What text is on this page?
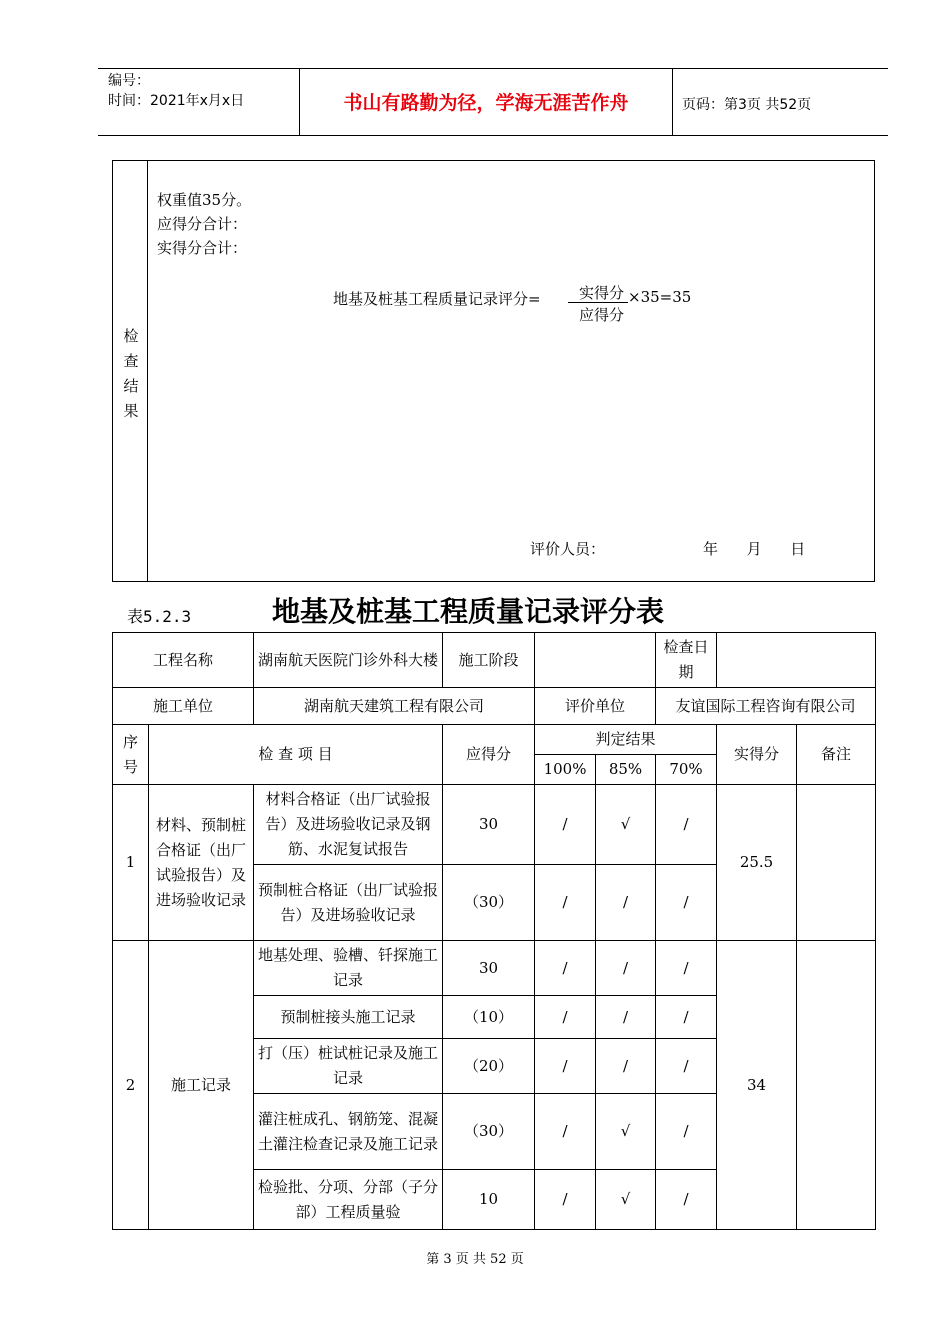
编号：
时间：2021年x月x日	书山有路勤为径，学海无涯苦作舟	页码：第3页 共52页
检
查
结
果
权重值35分。
应得分合计：
实得分合计：
地基及桩基工程质量记录评分=	实得分
应得分
×35=35
评价人员：	年      月      日
表5.2.3	地基及桩基工程质量记录评分表
工程名称		湖南航天医院门诊外科大楼	施工阶段			检查日期		
施工单位		湖南航天建筑工程有限公司		评价单位		友谊国际工程咨询有限公司		
序号	检 查 项 目		应得分	判定结果			实得分	备注
				100%	85%	70%		
1	材料、预制桩合格证（出厂试验报告）及进场验收记录	材料合格证（出厂试验报告）及进场验收记录及钢筋、水泥复试报告	30	/	√	/	25.5	
		预制桩合格证（出厂试验报告）及进场验收记录	（30）	/	/	/		
2	施工记录	地基处理、验槽、钎探施工记录	30	/	/	/	34	
		预制桩接头施工记录	（10）	/	/	/		
		打（压）桩试桩记录及施工记录	（20）	/	/	/		
		灌注桩成孔、钢筋笼、混凝土灌注检查记录及施工记录	（30）	/	√	/		
		检验批、分项、分部（子分部）工程质量验	10	/	√	/		
第 3 页 共 52 页
